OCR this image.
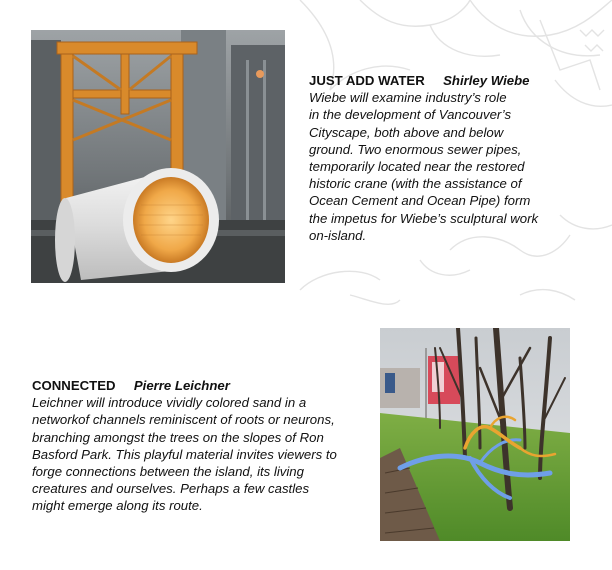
JUST ADD WATER Shirley Wiebe

Wiebe will examine industry’s role
in the development of Vancouver’s
Cityscape, both above and below
ground. Two enormous sewer pipes,
temporarily located near the restored
historic crane (with the assistance of
Ocean Cement and Ocean Pipe) form
the impetus for Wiebe’s sculptural work
on-island.

CONNECTED Pierre Leichner

Leichner will introduce vividly colored sand in a
networkof channels reminiscent of roots or neurons,
branching amongst the trees on the slopes of Ron
Basford Park. This playful material invites viewers to
forge connections between the island, its living
creatures and ourselves. Perhaps a few castles
might emerge along its route.
